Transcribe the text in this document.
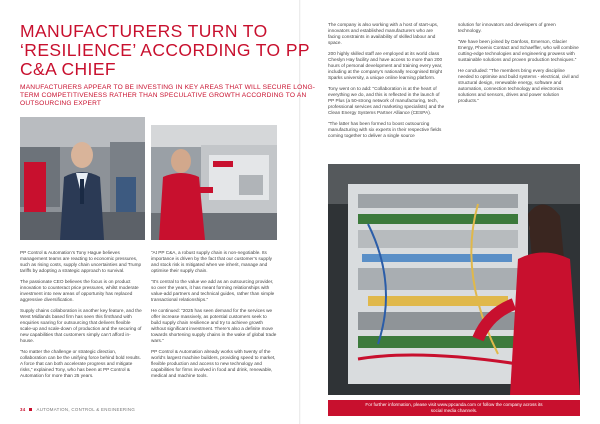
MANUFACTURERS TURN TO ‘RESILIENCE’ ACCORDING TO PP C&A CHIEF

MANUFACTURERS APPEAR TO BE INVESTING IN KEY AREAS THAT WILL SECURE LONG-TERM COMPETITIVENESS RATHER THAN SPECULATIVE GROWTH ACCORDING TO AN OUTSOURCING EXPERT

PP Control & Automation’s Tony Hague believes management teams are reacting to economic pressures, such as rising costs, supply chain uncertainties and Trump tariffs by adopting a strategic approach to survival.

The passionate CEO believes the focus is on product innovation to counteract price pressures, whilst moderate investment into new areas of opportunity has replaced aggressive diversification.

Supply chains collaboration is another key feature, and the West Midlands based firm has seen this firsthand with enquiries soaring for outsourcing that delivers flexible scale-up and scale-down of production and the securing of new capabilities that customers simply can’t afford in-house.

“No matter the challenge or strategic direction, collaboration can be the unifying force behind bold results. A force that can both accelerate progress and mitigate risks,” explained Tony, who has been at PP Control & Automation for more than 25 years.

“At PP C&A, a robust supply chain is non-negotiable. Its importance is driven by the fact that our customer’s supply and stock risk is mitigated when we inherit, manage and optimise their supply chain.

“It’s central to the value we add as an outsourcing provider, so over the years, it has meant forming relationships with value-add partners and technical guides, rather than simple transactional relationships.”

He continued: “2025 has seen demand for the services we offer increase massively, as potential customers seek to build supply chain resilience and try to achieve growth without significant investment. There’s also a definite move towards shortening supply chains in the wake of global trade wars.”

PP Control & Automation already works with twenty of the world’s largest machine builders, providing speed to market, flexible production and access to new technology and capabilities for firms involved in food and drink, renewable, medical and machine tools.

The company is also working with a host of start-ups, innovators and established manufacturers who are facing constraints in availability of skilled labour and space.

200 highly skilled staff are employed at its world class Cheslyn Hay facility and have access to more than 200 hours of personal development and training every year, including at the company’s nationally recognised Bright Sparks university, a unique online learning platform.

Tony went on to add: “Collaboration is at the heart of everything we do, and this is reflected in the launch of PP Plus (a 50-strong network of manufacturing, tech, professional services and marketing specialists) and the Clean Energy Systems Partner Alliance (CESPA).

“The latter has been formed to boost outsourcing manufacturing with six experts in their respective fields coming together to deliver a single source

solution for innovators and developers of green technology.

“We have been joined by Danfoss, Emerson, Glacier Energy, Phoenix Contact and Schaeffler, who will combine cutting-edge technologies and engineering prowess with sustainable solutions and proven production techniques.”

He concluded: “The members bring every discipline needed to optimise and build systems - electrical, civil and structural design, renewable energy, software and automation, connection technology and electronics solutions and sensors, drives and power solution products.”

For further information, please visit www.ppcanda.com or follow the company across its social media channels.
34	AUTOMATION, CONTROL & ENGINEERING
